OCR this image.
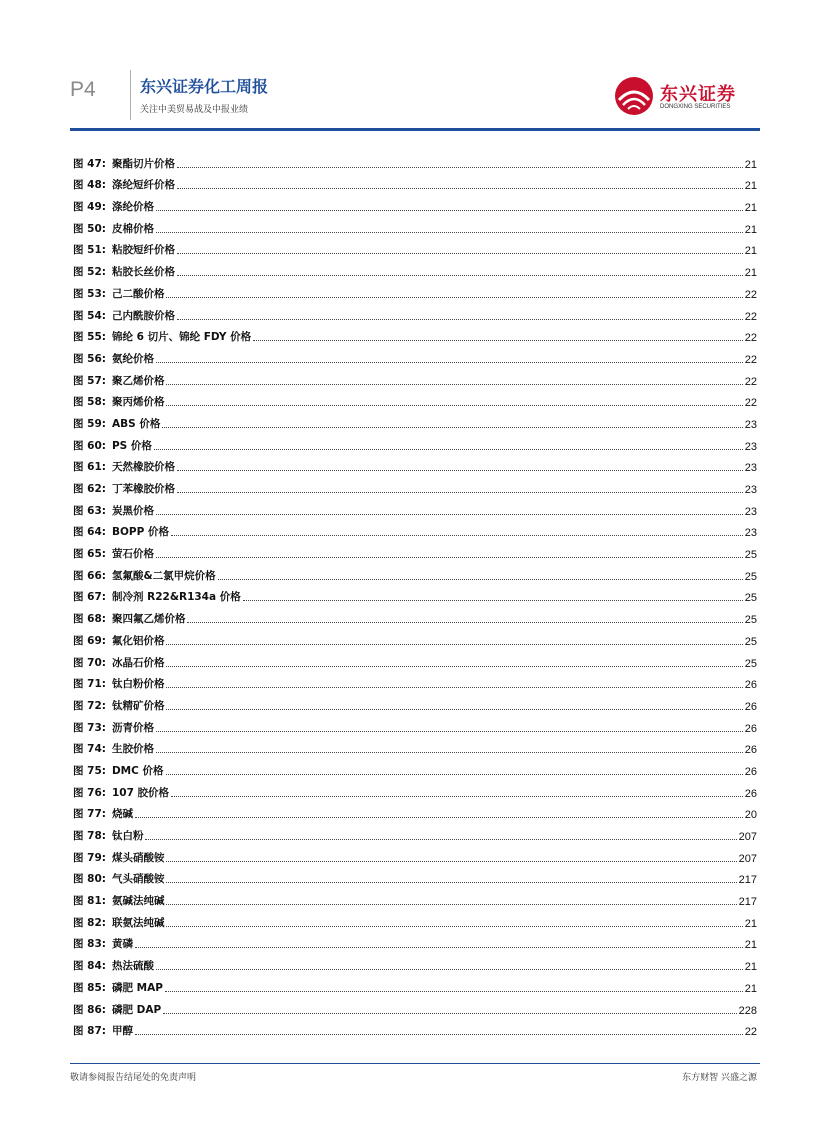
P4	东兴证券化工周报
关注中美贸易战及中报业绩
东兴证券
DONGXING SECURITIES
图 47: 聚酯切片价格	21
图 48: 涤纶短纤价格	21
图 49: 涤纶价格	21
图 50: 皮棉价格	21
图 51: 粘胶短纤价格	21
图 52: 粘胶长丝价格	21
图 53: 己二酸价格	22
图 54: 己内酰胺价格	22
图 55: 锦纶 6 切片、锦纶 FDY 价格	22
图 56: 氨纶价格	22
图 57: 聚乙烯价格	22
图 58: 聚丙烯价格	22
图 59: ABS 价格	23
图 60: PS 价格	23
图 61: 天然橡胶价格	23
图 62: 丁苯橡胶价格	23
图 63: 炭黑价格	23
图 64: BOPP 价格	23
图 65: 萤石价格	25
图 66: 氢氟酸&二氯甲烷价格	25
图 67: 制冷剂 R22&R134a 价格	25
图 68: 聚四氟乙烯价格	25
图 69: 氟化铝价格	25
图 70: 冰晶石价格	25
图 71: 钛白粉价格	26
图 72: 钛精矿价格	26
图 73: 沥青价格	26
图 74: 生胶价格	26
图 75: DMC 价格	26
图 76: 107 胶价格	26
图 77: 烧碱	20
图 78: 钛白粉	207
图 79: 煤头硝酸铵	207
图 80: 气头硝酸铵	217
图 81: 氨碱法纯碱	217
图 82: 联氨法纯碱	21
图 83: 黄磷	21
图 84: 热法硫酸	21
图 85: 磷肥 MAP	21
图 86: 磷肥 DAP	228
图 87: 甲醇	22
敬请参阅报告结尾处的免责声明	东方财智 兴盛之源
